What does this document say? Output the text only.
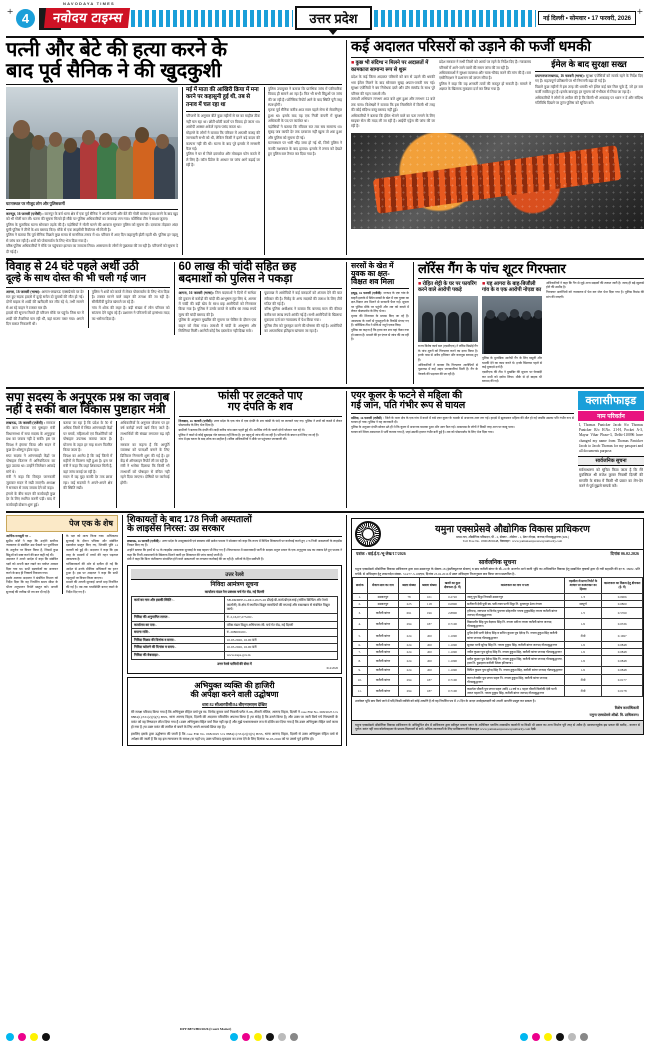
+	+
4
NAVODAYA TIMES
नवोदय टाइम्स	उत्तर प्रदेश	नई दिल्ली • सोमवार • 17 फरवरी, 2026
पत्नी और बेटे की हत्या करने के
बाद पूर्व सैनिक ने की खुदकुशी
घटनास्थल पर मौजूद लोग और पुलिसकर्मी
कानपुर, 16 फरवरी (एजेंसी) : कानपुर के बर्रा थाना क्षेत्र में एक पूर्व सैनिक ने अपनी पत्नी और बेटे की गोली मारकर हत्या करने के बाद खुद को भी गोली मार ली। घटना की सूचना मिलते ही मौके पर पुलिस अधिकारियों का जमावड़ा लग गया। फोरेंसिक टीम ने साक्ष्य जुटाए।
पुलिस के मुताबिक घटना सोमवार तड़के की है। पड़ोसियों ने गोली चलने की आवाज सुनकर पुलिस को सूचना दी। दरवाजा तोड़कर अंदर घुसी पुलिस ने तीनों के शव बरामद किए। मौके से एक लाइसेंसी रिवॉल्वर भी मिली है।
पुलिस ने बताया कि पूर्व सैनिक पिछले कुछ समय से मानसिक तनाव में था। परिवार में आए दिन कहासुनी होती रहती थी। पुलिस हर पहलू से जांच कर रही है। शवों को पोस्टमार्टम के लिए भेज दिया गया है।
वरिष्ठ पुलिस अधिकारियों ने मौके पर पहुंचकर हालात का जायजा लिया। आसपास के लोगों से पूछताछ की जा रही है। परिजनों को सूचना दे दी गई है।
मई में माता की आखिरी क्रिया में मना करने पर कहासुनी हुई थी, तब से तनाव में चल रहा था
परिजनों के अनुसार बीते कुछ महीनों से घर का माहौल ठीक नहीं चल रहा था। छोटी-छोटी बातों पर विवाद हो जाता था। आरोपी अक्सर अकेले रहना पसंद करता था।
मोहल्ले के लोगों ने बताया कि परिवार में आपसी कलह की जानकारी सभी को थी, लेकिन किसी ने इतने बड़े कदम की कल्पना नहीं की थी। घटना के बाद पूरे इलाके में सनसनी फैल गई।
पुलिस ने घर से मिले दस्तावेज और मोबाइल फोन कब्जे में ले लिए हैं। कॉल डिटेल के आधार पर जांच आगे बढ़ाई जा रही है।
पुलिस उपायुक्त ने बताया कि प्रारंभिक जांच में पारिवारिक विवाद ही सामने आ रहा है। फिर भी सभी बिंदुओं पर जांच की जा रही है। फोरेंसिक रिपोर्ट आने के बाद स्थिति पूरी तरह स्पष्ट होगी।
मृतक पूर्व सैनिक करीब आठ साल पहले सेना से सेवानिवृत्त हुआ था। इसके बाद वह एक निजी कंपनी में सुरक्षा अधिकारी के पद पर कार्यरत था।
पड़ोसियों ने बताया कि रविवार रात तक सब सामान्य था। सुबह जब काफी देर तक दरवाजा नहीं खुला तो शक हुआ और पुलिस को सूचना दी गई।
घटनास्थल पर भारी भीड़ जमा हो गई थी, जिसे पुलिस ने काफी मशक्कत के बाद हटाया। इलाके में तनाव को देखते हुए पुलिस बल तैनात कर दिया गया है।
कई अदालत परिसरों को उड़ाने की फर्जी धमकी
■ कुछ भी संदिग्ध न मिलने पर अदालतों में कामकाज सामान्य रूप से शुरू
प्रदेश के कई जिला अदालत परिसरों को बम से उड़ाने की धमकी भरा ईमेल मिलने के बाद सोमवार सुबह अफरा-तफरी मच गई। सुरक्षा एजेंसियों ने बम निरोधक दस्ते और डॉग स्क्वॉड के साथ पूरे परिसर की गहन तलाशी ली।
तलाशी अभियान लगभग आठ बजे शुरू हुआ और लगभग 12 बजे तक चला। विशेषज्ञों ने बताया कि इस सिलसिले में किसी भी तरह की कोई संदिग्ध वस्तु बरामद नहीं हुई।
अधिकारियों ने बताया कि ईमेल भेजने वाले का पता लगाने के लिए साइबर सेल की मदद ली जा रही है। आईपी एड्रेस की जांच की जा रही है।
प्रदेश सरकार ने सभी जिलों को अलर्ट पर रहने के निर्देश दिए हैं। न्यायालय परिसरों में आने-जाने वालों की सघन जांच की जा रही है।
अधिवक्ताओं ने सुरक्षा व्यवस्था और चाक-चौबंद करने की मांग की है। बार एसोसिएशन ने प्रशासन को ज्ञापन सौंपा है।
पुलिस ने कहा कि यह शरारती तत्वों की करतूत हो सकती है। मामले में अज्ञात के खिलाफ मुकदमा दर्ज कर लिया गया है।
ईमेल के बाद सुरक्षा सख्त
प्रयागराज/लखनऊ, 16 फरवरी (भाषा): सुरक्षा एजेंसियों को सतर्क रहने के निर्देश दिए गए हैं। महत्वपूर्ण प्रतिष्ठानों पर भी निगरानी बढ़ा दी गई है।
पिछले कुछ महीनों में इस तरह की धमकी भरे ईमेल कई बार मिल चुके हैं, जो हर बार फर्जी साबित हुए हैं। इसके बावजूद हर सूचना को गंभीरता से लिया जा रहा है।
अधिकारियों ने लोगों से अपील की है कि किसी भी अफवाह पर ध्यान न दें और संदिग्ध गतिविधि दिखने पर तुरंत पुलिस को सूचित करें।
विवाह से 24 घंटे पहले अर्थी उठी
दूल्हे के साथ दोस्त की भी चली गई जान
आगरा, 16 फरवरी (भाषा): आगरा-लखनऊ एक्सप्रेसवे पर देर रात हुए सड़क हादसे में दूल्हे समेत दो युवकों की मौत हो गई। दोनों बाइक से शादी की खरीदारी कर लौट रहे थे, तभी सामने से आ रहे वाहन ने टक्कर मार दी।
हादसे की सूचना मिलते ही परिजन मौके पर पहुंचे। जिस घर में शादी की तैयारियां चल रही थीं, वहां मातम पसर गया। अगले दिन बारात निकलनी थी।
पुलिस ने शवों को कब्जे में लेकर पोस्टमार्टम के लिए भेज दिया है। टक्कर मारने वाले वाहन की तलाश की जा रही है। सीसीटीवी फुटेज खंगाले जा रहे हैं।
गांव में शोक की लहर है। बड़ी संख्या में लोग परिवार को सांत्वना देने पहुंच रहे हैं। प्रशासन ने परिजनों को हरसंभव मदद का भरोसा दिया है।
60 लाख की चांदी सहित छह
बदमाशों को पुलिस ने पकड़ा
आगरा, 16 फरवरी (भाषा): जिन बदमाशों ने दिनों में सर्राफा की दुकान से करोड़ों की चांदी की आभूषण लूट लिए थे, आगरा में चांदी की बड़ी खेप के साथ छह आरोपियों को गिरफ्तार किया गया है। पुलिस ने उनके कब्जे से करीब 60 लाख रुपये मूल्य की चांदी बरामद की है।
पुलिस के अनुसार मुखबिर की सूचना पर चेकिंग के दौरान एक वाहन को रोका गया। तलाशी में चांदी के आभूषण और सिल्लियां मिलीं। आरोपी कोई वैध दस्तावेज नहीं दिखा सके।
पूछताछ में आरोपियों ने कई वारदातों को अंजाम देने की बात स्वीकार की है। गिरोह के अन्य सदस्यों की तलाश के लिए टीमें गठित की गई हैं।
वरिष्ठ पुलिस अधीक्षक ने बताया कि बरामद माल की कीमत करीब 60 लाख रुपये आंकी गई है। सभी आरोपियों के खिलाफ मुकदमा दर्ज कर न्यायालय में पेश किया गया।
पुलिस टीम को पुरस्कृत करने की घोषणा की गई है। आरोपियों का आपराधिक इतिहास खंगाला जा रहा है।
सरसों के खेत में
युवक का क्षत-
विक्षत शव मिला
हापुड़, 16 फरवरी (एजेंसी): जनपद के एक गांव के बाहरी इलाके में स्थित सरसों के खेत में एक युवक का क्षत-विक्षत शव मिलने से सनसनी फैल गई। सूचना पर पुलिस मौके पर पहुंची और शव को कब्जे में लेकर पोस्टमार्टम के लिए भेजा।
मृतक की शिनाख्त के प्रयास किए जा रहे हैं। आसपास के थानों से गुमशुदगी के रिकॉर्ड मंगाए गए हैं। फोरेंसिक टीम ने मौके से नमूने एकत्र किए।
पुलिस का कहना है कि हत्या कर शव यहां फेंका गया हो सकता है। मामले की हर एंगल से जांच की जा रही है।
लॉरेंस गैंग के पांच शूटर गिरफ्तार
■ रोहित शेट्टी के घर पर फायरिंग करने वाले आरोपी पकड़े
राज्य विशेष कार्य बल (एसटीएफ) ने लॉरेंस बिश्नोई गैंग के पांच शूटरों को गिरफ्तार करने का दावा किया है। इनके पास से अवैध हथियार और कारतूस बरामद हुए हैं।
अधिकारियों ने बताया कि गिरफ्तार आरोपियों से पूछताछ में कई अहम जानकारियां मिली हैं। गैंग के नेटवर्क की पड़ताल की जा रही है।
■ यह आगरा के बाह-बिजौली गांव के व एक आरोपी नोएडा का
पुलिस के मुताबिक आरोपी गैंग के लिए वसूली और धमकी देने का काम करते थे। इनके खिलाफ पहले से कई मुकदमे दर्ज हैं।
एसटीएफ की टीम ने मुखबिर की सूचना पर घेराबंदी कर सभी को दबोच लिया। मौके से दो बाइक भी बरामद की गईं।
अधिकारियों ने कहा कि गैंग से जुड़े अन्य सदस्यों की तलाश जारी है। जल्द ही बड़े खुलासे होने की उम्मीद है।
गिरफ्तार आरोपियों को न्यायालय में पेश कर जेल भेज दिया गया है। पुलिस रिमांड की मांग की जाएगी।
सपा सदस्य के अनुपूरक प्रश्न का जवाब
नहीं दे सकीं बाल विकास पुष्टाहार मंत्री
लखनऊ, 16 फरवरी (एजेंसी) : सरकार की बाल विकास एवं पुष्टाहार मंत्री विधानसभा में सपा सदस्य के अनुपूरक प्रश्न का जवाब नहीं दे सकीं। इस पर विपक्ष ने हंगामा किया और सदन में कुछ देर शोरगुल होता रहा।
सपा सदस्य ने आंगनबाड़ी केंद्रों पर पोषाहार वितरण में अनियमितता का मुद्दा उठाया था। उन्होंने जिलेवार आंकड़े मांगे थे।
मंत्री ने कहा कि विस्तृत जानकारी जुटाकर सदन में रखी जाएगी। अध्यक्ष ने सरकार से जल्द जवाब देने को कहा।
हंगामे के बीच सदन की कार्यवाही कुछ देर के लिए स्थगित करनी पड़ी। बाद में कार्यवाही दोबारा शुरू हुई।
बताया जा रहा है कि प्रदेश के 50 से अधिक जिलों में स्थित आंगनबाड़ी केंद्रों पर बच्चों, महिलाओं एवं किशोरियों को पोषाहार उपलब्ध कराया जाता है। योजना के तहत हर माह राशन वितरित किया जाता है।
विपक्ष का आरोप है कि कई जिलों में महीनों से वितरण नहीं हुआ है। इस पर मंत्री ने कहा कि जहां शिकायत मिली है, वहां जांच कराई जा रही है।
सदन में यह मुद्दा काफी देर तक छाया रहा। कई सदस्यों ने अपने-अपने क्षेत्र की स्थिति रखी।
अधिकारियों के अनुसार योजना पर हर वर्ष करोड़ों रुपये खर्च किए जाते हैं। लाभार्थियों की संख्या लगातार बढ़ रही है।
सरकार का कहना है कि आपूर्ति व्यवस्था को पारदर्शी बनाने के लिए डिजिटल निगरानी शुरू की गई है। हर केंद्र से ऑनलाइन रिपोर्ट ली जा रही है।
मंत्री ने भरोसा दिलाया कि किसी भी लाभार्थी को पोषाहार से वंचित नहीं रहने दिया जाएगा। दोषियों पर कार्रवाई होगी।
फांसी पर लटकते पाए
गए दंपति के शव
निजबाद, 16 फरवरी (एजेंसी): उत्तर प्रदेश के एक गांव में एक दंपति के शव फांसी के फंदे पर लटकते पाए गए। पुलिस ने शवों को कब्जे में लेकर पोस्टमार्टम के लिए भेज दिया है।
ग्रामीणों ने बताया कि दंपति की शादी करीब पांच साल पहले हुई थी। आर्थिक तंगी के चलते दोनों परेशान चल रहे थे।
पुलिस ने कमरे से कोई सुसाइड नोट बरामद नहीं किया है। हर पहलू से जांच की जा रही है। परिजनों के बयान दर्ज किए जा रहे हैं।
गांव में इस घटना के बाद शोक का माहौल है। वरिष्ठ अधिकारियों ने मौके पर पहुंचकर जानकारी ली।
एयर कूलर के फटने से महिला की
गई जान, पति गंभीर रूप से घायल
बलिया, 16 फरवरी (एजेंसी) : जिले के थाना क्षेत्र के एक गांव में कमरे में रखे एयर कूलर के धमाके से अचानक आग लग गई। हादसे में झुलसकर महिला की मौत हो गई जबकि उसका पति गंभीर रूप से घायल हो गया। पुलिस ने यह जानकारी दी।
पुलिस के अनुसार दंपति सोकर उठे ही थे कि कूलर में अचानक धमाका हुआ और आग फैल गई। आसपास के लोगों ने किसी तरह आग पर काबू पाया।
घायल को जिला अस्पताल में भर्ती कराया गया है, जहां उसकी हालत गंभीर बनी हुई है। शव को पोस्टमार्टम के लिए भेज दिया गया।
क्लासीफाइड
नाम परिवर्तन
I, Thomas Panicker Jacob S/o Thomas Panicker R/o H.No. 21-H, Pocket A-3, Mayur Vihar Phase-3, Delhi-110096 have changed my name from Thomas Panicker Jacob to Jacob Thomas for my passport and all documents purpose.
सार्वजनिक सूचना
सर्वसाधारण को सूचित किया जाता है कि मेरे मुवक्किल श्री राजेश कुमार निवासी दिल्ली की सम्पत्ति के संबंध में किसी भी प्रकार का लेन-देन करने से पूर्व मुझसे सम्पर्क करें।
पेज एक के शेष
आर्थिक मजबूती पर ...
सुप्रीम कोर्ट ने कहा कि उन्होंने सर्वोच्च न्यायालय से संबंधित उस फैसले पर पुनर्विचार के अनुरोध पर विचार किया है, जिसमें कुछ बिंदुओं को स्पष्ट करने की बात कही गई थी।
अदालत ने अपने आदेश में कहा कि संबंधित पक्षों को अपनी बात रखने का पर्याप्त अवसर दिया गया था। सभी दस्तावेजों का अध्ययन करने के बाद ही निष्कर्ष निकाला गया।
इसके अलावा अदालत ने संबंधित विभाग को निर्देश दिया कि वह निर्धारित समय सीमा के भीतर अनुपालन रिपोर्ट प्रस्तुत करे। अगली सुनवाई की तारीख भी तय कर दी गई है।
के पक्ष को मान्य किया गया। अधिकतम सुनवाई के दौरान पत्रिका और संबंधित दस्तावेज प्रस्तुत किए गए, जिनकी पुष्टि 14 फरवरी को हुई थी। अदालत ने कहा कि इस तरह के मामलों में तथ्यों की गहन पड़ताल आवश्यक है।
याचिकाकर्ता की ओर से दलील दी गई कि आदेश से उनके मौलिक अधिकारों का हनन हुआ है। इस पर अदालत ने कहा कि सभी पहलुओं पर विचार किया जाएगा।
मामले की अगली सुनवाई अगले माह निर्धारित की गई है। तब तक यथास्थिति बनाए रखने के निर्देश दिए गए हैं।
शिकायतों के बाद 178 निजी अस्पतालों
के लाइसेंस निरस्त: उप्र सरकार
लखनऊ, 16 फरवरी (एजेंसी) : उत्तर प्रदेश के उपमुख्यमंत्री एवं स्वास्थ्य मंत्री ब्रजेश पाठक ने सोमवार को कहा कि राज्य में विभिन्न शिकायतों पर कार्रवाई करते हुए 178 निजी अस्पतालों के लाइसेंस निरस्त किए गए हैं।
उन्होंने बताया कि इनमें से 59 के लाइसेंस आवश्यक सुनवाई के बाद बहाल भी किए गए हैं। विधानसभा में समाजवादी पार्टी के सदस्य अतुल प्रधान के एक अनुपूरक प्रश्न का जवाब देते हुए पाठक ने कहा कि निजी अस्पतालों के खिलाफ मिलने वाली हर शिकायत की जांच कराई जाती है।
मंत्री ने कहा कि बिना पंजीकरण संचालित होने वाले अस्पतालों पर लगातार कार्रवाई की जा रही है। मरीजों के हित सर्वोपरि हैं।
उत्तर रेलवे
निविदा आमंत्रण सूचना
कार्यालय मंडल रेल प्रबंधक चर्च गेट रोड, नई दिल्ली
कार्य का नाम और इसकी स्थिति :-	SB-DRDEE-G-DLI-2025-26 डीएई/बी-कार्य/डीएलआई (सर्विस बिल्डिंग और रेलवे कालोनी) के क्षेत्र में स्थापित विद्युत सामग्रियों की सप्लाई और रखरखाव से संबंधित विद्युत कार्य।
निविदा की अनुमानित लागत:-	रु. 2,16,07,275.00/-
कार्यालय का पता:-	वरिष्ठ मंडल विद्युत अभियन्ता/जी. चर्च गेट रोड, नई दिल्ली
बयाना राशि:-	रु. 208000.00/-
निविदा विक्रय की दिनांक व समय:-	10.03.2026, 16.00 बजे
निविदा खोलने की दिनांक व समय:-	10.03.2026, 16.00 बजे
निविदा की वेबसाइट:-	www.ireps.gov.in
उत्तर रेलवे यात्रियों की सेवा में
614/2026
अभियुक्त व्यक्ति की हाजिरी
की अपेक्षा करने वाली उद्घोषणा
धारा 82 सीआरपीसी/84 बीएनएसएस देखिए
मेरे समक्ष परिवाद किया गया है कि अभियुक्त रोहित वर्मा पुत्र स्व. विनोद कुमार वर्मा निवासी फ्लैट नं-88, तीसरी मंजिल, आनन्द विहार, दिल्ली ने case FIR No. 068/2025 U/s 8884(1)/331(2)(3)(5) BNS, थाना आनन्द विहार, दिल्ली की अदालत परिवर्तित अपराध किया है (या संदेह है कि उसने किया है) और उक्त पर जारी किये गये गिरफ्तारी के वारंट को वह निष्पादन लौटा दिया गया है। उक्त अभियुक्त रोहित वर्मा मिल नहीं रहा है और मुझे यथासमाधान रूप से दर्शित कर दिया गया है कि उक्त अभियुक्त रोहित वर्मा फरार हो गया है (या उक्त वारंट की तामील से बचने के लिए अपने आपको छिपा रहा है)।
इसलिए इसके द्वारा उद्घोषणा की जाती है कि case FIR No. 068/2025 U/s 8884(1)/331(2)(3)(5) BNS, थाना आनन्द विहार, दिल्ली से उक्त अभियुक्त रोहित वर्मा से अपेक्षा की जाती है कि वह इस न्यायालय के समक्ष (या यहाँ पर) उक्त परिवाद/मुकदमा का उत्तर देने के लिए दिनांक 30.03.2026 को या उससे पूर्व हाजिर हो।
यमुना एक्सप्रेसवे औद्योगिक विकास प्राधिकरण
प्रथम तल, औद्योगिक परिसदन, पी - 2, सेक्टर - ओमेगा - 1, ग्रेटर नोएडा, जनपद गौतमबुद्धनगर (उ.प्र.)
Toll Free No. 18001800248, वेबसाइट : www.yamunaexpresswayauthority.com
पत्रांक : वाई.ई.ए./भू-लेख/17/2026	दिनांक 06.02.2026
सार्वजनिक सूचना
यमुना एक्सप्रेसवे औद्योगिक विकास प्राधिकरण द्वारा ग्राम उस्मानपुर के सेक्टर-18 (इंस्टीट्यूशनल सेक्टर) व ग्राम करौली बांगर के बी.-20 के अन्तर्गत आने वाली भूमि का अधियाचित विकास हेतु सम्बन्धित कृषकों द्वारा दी गयी सहमति की दर रु. 3808/- प्रति वर्गमी. से अधिग्रहण हेतु शासनादेश संख्या- 314/77-3-16एएम, दिनांक 23.02.2016 में उक्त अधिग्रहण निम्नानुसार क्रय किया जाना प्रस्तावित है:-
क्रमांक	सेक्टर/ग्राम का नाम	खाता संख्या	खसरा संख्या	खसरे का कुल क्षेत्रफल (हे. में)	काश्तकार का नाम व पता	तहसील से प्राप्त रिपोर्ट के आधार पर काश्तकार का हिस्सा	काश्तकार का विक्रय हेतु क्षेत्रफल (हे. में)
1.	उस्मानपुर	78	101	0.2720	जालू पुत्र मिट्ठा निवासी उस्मानपुर	1/3	0.0906
2.	उस्मानपुर	225	118	0.0800	सतीरानी देवी पुत्री स्व. पन्नी लाल पत्नी मिट्ठा नि. दुल्लापुर ढेला नंगला	सम्पूर्ण	0.0800
3.	करौली बांगर	691	196	2.8800	हरिचन्द्र, जगपाल व विनोद पुत्रगण सोहनवीर नगला हुकुमसिंह नगला करौली बांगर जनपद गौतमबुद्धनगर।	1/5	0.5760
4.	करौली बांगर	294	187	0.7100	विक्रमवीर सिंह पुत्र वेदराम सिंह नि. नगला मटीना नगला करौली बांगर जनपद गौतमबुद्धनगर।	1/6	0.0336
5.	करौली बांगर	224	450	1.1090	दुर्गेश देवी पत्नी देवेन्द्र सिंह व सचिन कुमार पुत्र देवेन्द्र नि. नगला हुकुम सिंह करौली बांगर जनपद गौतमबुद्धनगर	में से	0.1697
6.	करौली बांगर	224	450	1.1090	सुशमा पत्नी सुरेन्द्र सिंह नि. नगला हुकुम सिंह, करौली बांगर जनपद गौतमबुद्धनगर	1/6	0.0848
7.	करौली बांगर	224	450	1.1090	नवीन कुमार पुत्र सुरेन्द्र सिंह नि. नगला हुकुम सिंह, करौली बांगर जनपद गौतमबुद्धनगर	1/6	0.0848
8.	करौली बांगर	224	450	1.1090	प्रवीन कुमार पुत्र देवेन्द्र सिंह नि. नगला हुकुम सिंह, करौली बांगर जनपद गौतमबुद्धनगर, हाल नि. हुडाहारा करौली जिला हरियाणा।	1/6	0.0848
9.	करौली बांगर	224	450	1.1090	विपिन कुमार पुत्र सुरेन्द्र सिंह नि. नगला हुकुम सिंह, करौली बांगर जनपद गौतमबुद्धनगर	1/6	0.0848
10.	करौली बांगर	294	187	0.7100	करन तेजवीर पुत्र जगत चहल नि. नगला हुकुम सिंह, करौली बांगर जनपद गौतमबुद्धनगर	में से	0.0177
11.	करौली बांगर	294	187	0.7100	कमलेश चौधरी पुत्र जगत चहल आदि 14 वर्ष व 2 चहल चौधरी त्रिलोकी देवी पत्नी जगत चहल नि. नगला हुकुम सिंह, करौली बांगर जनपद गौतमबुद्धनगर	में से	0.0178
उपरोक्त भूमि क्रय किये जाने में यदि किसी व्यक्ति को कोई आपत्ति है तो वह निर्धारित पत्र में 15 दिन के अन्दर अधोहस्ताक्षरी को अपनी आपत्ति प्रस्तुत कर सकता है।
विशेष कार्याधिकारी
यमुना एक्सप्रेसवे औद्यो. वि. प्राधिकरण।
यमुना एक्सप्रेसवे औद्योगिक विकास प्राधिकरण के अधिसूचित क्षेत्र में प्राधिकरण द्वारा स्वीकृत मास्टर प्लान के अतिरिक्त प्लाटिंग/आवासीय कालोनी या किसी भी प्रकार का अन्य निर्माण पूरी तरह से अवैध है। सावधानपूर्वक इस प्रकार की खरीद - कतरन से पूर्णत: करंट नहीं तथा कोलोनाइजर के प्रामक विज्ञापनों से बचें। अधिक जानकारी के लिए प्राधिकरण की वेबसाइट www.yamunaexpresswayauthority.com देखें।
DPY/8873/HD/2026 (Court Matter)
